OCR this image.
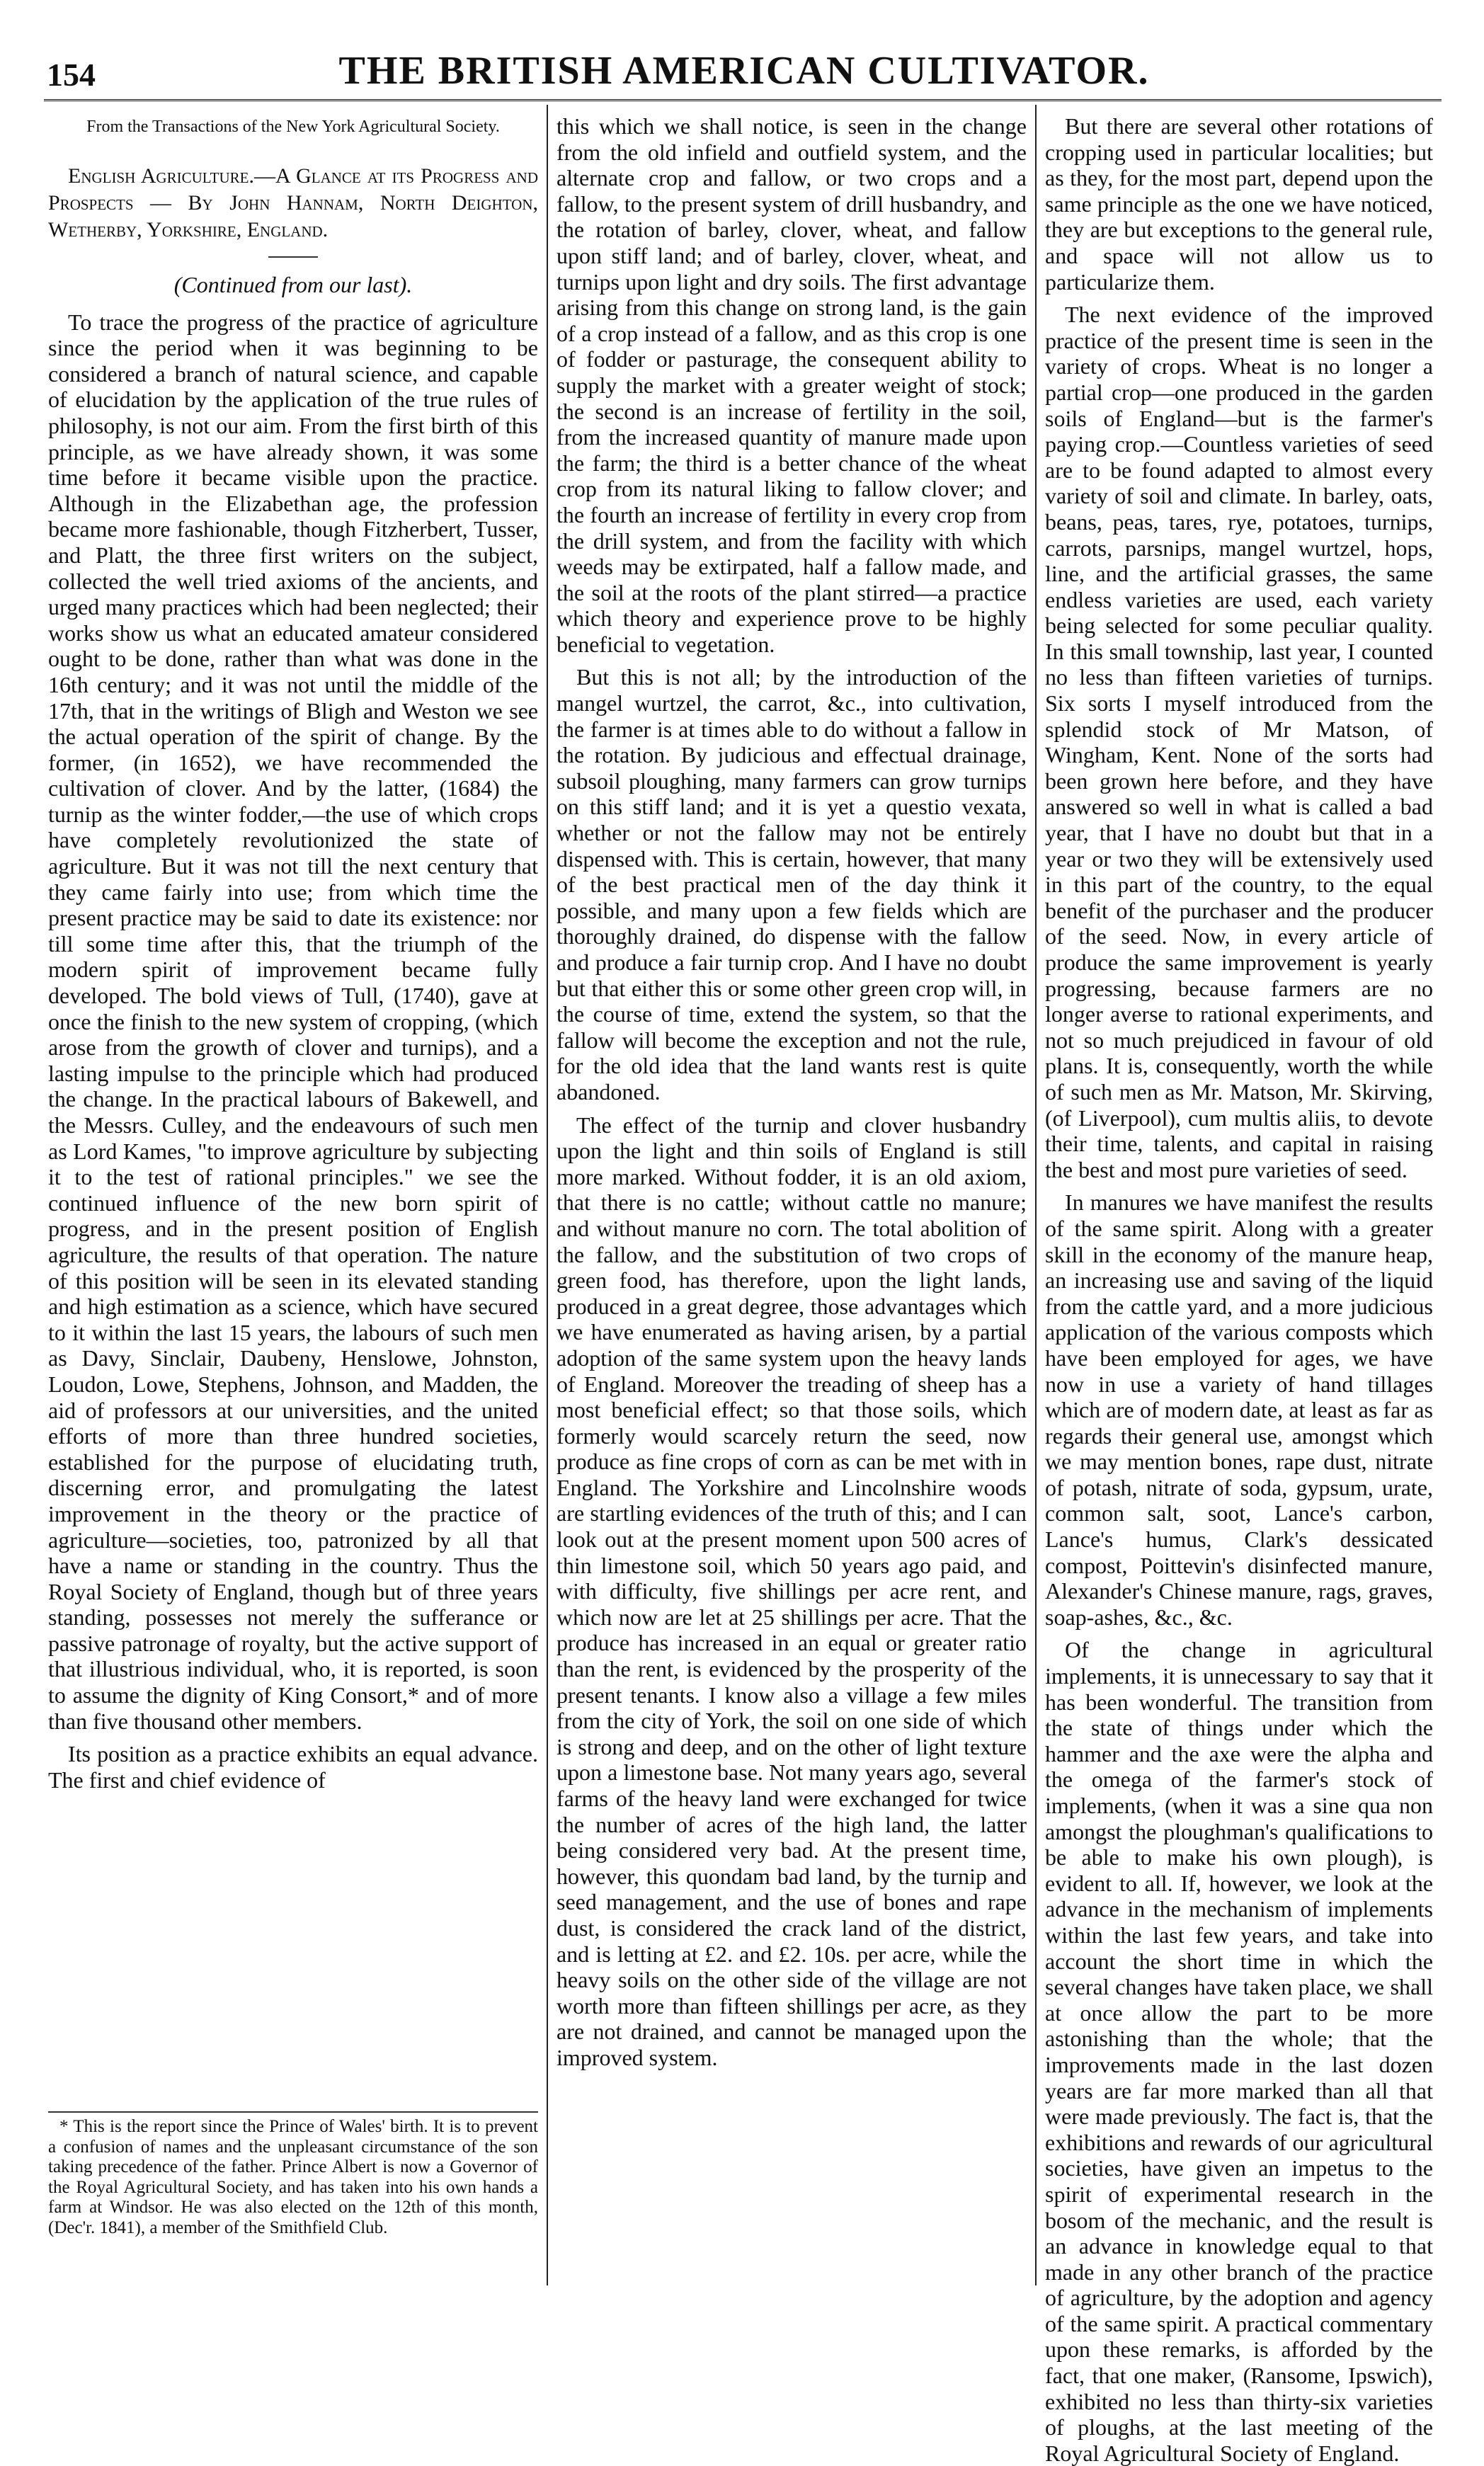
154	THE BRITISH AMERICAN CULTIVATOR.

From the Transactions of the New York Agricultural Society.

English Agriculture.—A Glance at its Progress and Prospects — By John Hannam, North Deighton, Wetherby, Yorkshire, England.

(Continued from our last).

To trace the progress of the practice of agriculture since the period when it was beginning to be considered a branch of natural science, and capable of elucidation by the application of the true rules of philosophy, is not our aim. From the first birth of this principle, as we have already shown, it was some time before it became visible upon the practice. Although in the Elizabethan age, the profession became more fashionable, though Fitzherbert, Tusser, and Platt, the three first writers on the subject, collected the well tried axioms of the ancients, and urged many practices which had been neglected; their works show us what an educated amateur considered ought to be done, rather than what was done in the 16th century; and it was not until the middle of the 17th, that in the writings of Bligh and Weston we see the actual operation of the spirit of change. By the former, (in 1652), we have recommended the cultivation of clover. And by the latter, (1684) the turnip as the winter fodder,—the use of which crops have completely revolutionized the state of agriculture. But it was not till the next century that they came fairly into use; from which time the present practice may be said to date its existence: nor till some time after this, that the triumph of the modern spirit of improvement became fully developed. The bold views of Tull, (1740), gave at once the finish to the new system of cropping, (which arose from the growth of clover and turnips), and a lasting impulse to the principle which had produced the change. In the practical labours of Bakewell, and the Messrs. Culley, and the endeavours of such men as Lord Kames, "to improve agriculture by subjecting it to the test of rational principles." we see the continued influence of the new born spirit of progress, and in the present position of English agriculture, the results of that operation. The nature of this position will be seen in its elevated standing and high estimation as a science, which have secured to it within the last 15 years, the labours of such men as Davy, Sinclair, Daubeny, Henslowe, Johnston, Loudon, Lowe, Stephens, Johnson, and Madden, the aid of professors at our universities, and the united efforts of more than three hundred societies, established for the purpose of elucidating truth, discerning error, and promulgating the latest improvement in the theory or the practice of agriculture—societies, too, patronized by all that have a name or standing in the country. Thus the Royal Society of England, though but of three years standing, possesses not merely the sufferance or passive patronage of royalty, but the active support of that illustrious individual, who, it is reported, is soon to assume the dignity of King Consort,* and of more than five thousand other members.

Its position as a practice exhibits an equal advance. The first and chief evidence of

* This is the report since the Prince of Wales' birth. It is to prevent a confusion of names and the unpleasant circumstance of the son taking precedence of the father. Prince Albert is now a Governor of the Royal Agricultural Society, and has taken into his own hands a farm at Windsor. He was also elected on the 12th of this month, (Dec'r. 1841), a member of the Smithfield Club.

this which we shall notice, is seen in the change from the old infield and outfield system, and the alternate crop and fallow, or two crops and a fallow, to the present system of drill husbandry, and the rotation of barley, clover, wheat, and fallow upon stiff land; and of barley, clover, wheat, and turnips upon light and dry soils. The first advantage arising from this change on strong land, is the gain of a crop instead of a fallow, and as this crop is one of fodder or pasturage, the consequent ability to supply the market with a greater weight of stock; the second is an increase of fertility in the soil, from the increased quantity of manure made upon the farm; the third is a better chance of the wheat crop from its natural liking to fallow clover; and the fourth an increase of fertility in every crop from the drill system, and from the facility with which weeds may be extirpated, half a fallow made, and the soil at the roots of the plant stirred—a practice which theory and experience prove to be highly beneficial to vegetation.

But this is not all; by the introduction of the mangel wurtzel, the carrot, &c., into cultivation, the farmer is at times able to do without a fallow in the rotation. By judicious and effectual drainage, subsoil ploughing, many farmers can grow turnips on this stiff land; and it is yet a questio vexata, whether or not the fallow may not be entirely dispensed with. This is certain, however, that many of the best practical men of the day think it possible, and many upon a few fields which are thoroughly drained, do dispense with the fallow and produce a fair turnip crop. And I have no doubt but that either this or some other green crop will, in the course of time, extend the system, so that the fallow will become the exception and not the rule, for the old idea that the land wants rest is quite abandoned.

The effect of the turnip and clover husbandry upon the light and thin soils of England is still more marked. Without fodder, it is an old axiom, that there is no cattle; without cattle no manure; and without manure no corn. The total abolition of the fallow, and the substitution of two crops of green food, has therefore, upon the light lands, produced in a great degree, those advantages which we have enumerated as having arisen, by a partial adoption of the same system upon the heavy lands of England. Moreover the treading of sheep has a most beneficial effect; so that those soils, which formerly would scarcely return the seed, now produce as fine crops of corn as can be met with in England. The Yorkshire and Lincolnshire woods are startling evidences of the truth of this; and I can look out at the present moment upon 500 acres of thin limestone soil, which 50 years ago paid, and with difficulty, five shillings per acre rent, and which now are let at 25 shillings per acre. That the produce has increased in an equal or greater ratio than the rent, is evidenced by the prosperity of the present tenants. I know also a village a few miles from the city of York, the soil on one side of which is strong and deep, and on the other of light texture upon a limestone base. Not many years ago, several farms of the heavy land were exchanged for twice the number of acres of the high land, the latter being considered very bad. At the present time, however, this quondam bad land, by the turnip and seed management, and the use of bones and rape dust, is considered the crack land of the district, and is letting at £2. and £2. 10s. per acre, while the heavy soils on the other side of the village are not worth more than fifteen shillings per acre, as they are not drained, and cannot be managed upon the improved system.

But there are several other rotations of cropping used in particular localities; but as they, for the most part, depend upon the same principle as the one we have noticed, they are but exceptions to the general rule, and space will not allow us to particularize them.

The next evidence of the improved practice of the present time is seen in the variety of crops. Wheat is no longer a partial crop—one produced in the garden soils of England—but is the farmer's paying crop.—Countless varieties of seed are to be found adapted to almost every variety of soil and climate. In barley, oats, beans, peas, tares, rye, potatoes, turnips, carrots, parsnips, mangel wurtzel, hops, line, and the artificial grasses, the same endless varieties are used, each variety being selected for some peculiar quality. In this small township, last year, I counted no less than fifteen varieties of turnips. Six sorts I myself introduced from the splendid stock of Mr Matson, of Wingham, Kent. None of the sorts had been grown here before, and they have answered so well in what is called a bad year, that I have no doubt but that in a year or two they will be extensively used in this part of the country, to the equal benefit of the purchaser and the producer of the seed. Now, in every article of produce the same improvement is yearly progressing, because farmers are no longer averse to rational experiments, and not so much prejudiced in favour of old plans. It is, consequently, worth the while of such men as Mr. Matson, Mr. Skirving, (of Liverpool), cum multis aliis, to devote their time, talents, and capital in raising the best and most pure varieties of seed.

In manures we have manifest the results of the same spirit. Along with a greater skill in the economy of the manure heap, an increasing use and saving of the liquid from the cattle yard, and a more judicious application of the various composts which have been employed for ages, we have now in use a variety of hand tillages which are of modern date, at least as far as regards their general use, amongst which we may mention bones, rape dust, nitrate of potash, nitrate of soda, gypsum, urate, common salt, soot, Lance's carbon, Lance's humus, Clark's dessicated compost, Poittevin's disinfected manure, Alexander's Chinese manure, rags, graves, soap-ashes, &c., &c.

Of the change in agricultural implements, it is unnecessary to say that it has been wonderful. The transition from the state of things under which the hammer and the axe were the alpha and the omega of the farmer's stock of implements, (when it was a sine qua non amongst the ploughman's qualifications to be able to make his own plough), is evident to all. If, however, we look at the advance in the mechanism of implements within the last few years, and take into account the short time in which the several changes have taken place, we shall at once allow the part to be more astonishing than the whole; that the improvements made in the last dozen years are far more marked than all that were made previously. The fact is, that the exhibitions and rewards of our agricultural societies, have given an impetus to the spirit of experimental research in the bosom of the mechanic, and the result is an advance in knowledge equal to that made in any other branch of the practice of agriculture, by the adoption and agency of the same spirit. A practical commentary upon these remarks, is afforded by the fact, that one maker, (Ransome, Ipswich), exhibited no less than thirty-six varieties of ploughs, at the last meeting of the Royal Agricultural Society of England.
